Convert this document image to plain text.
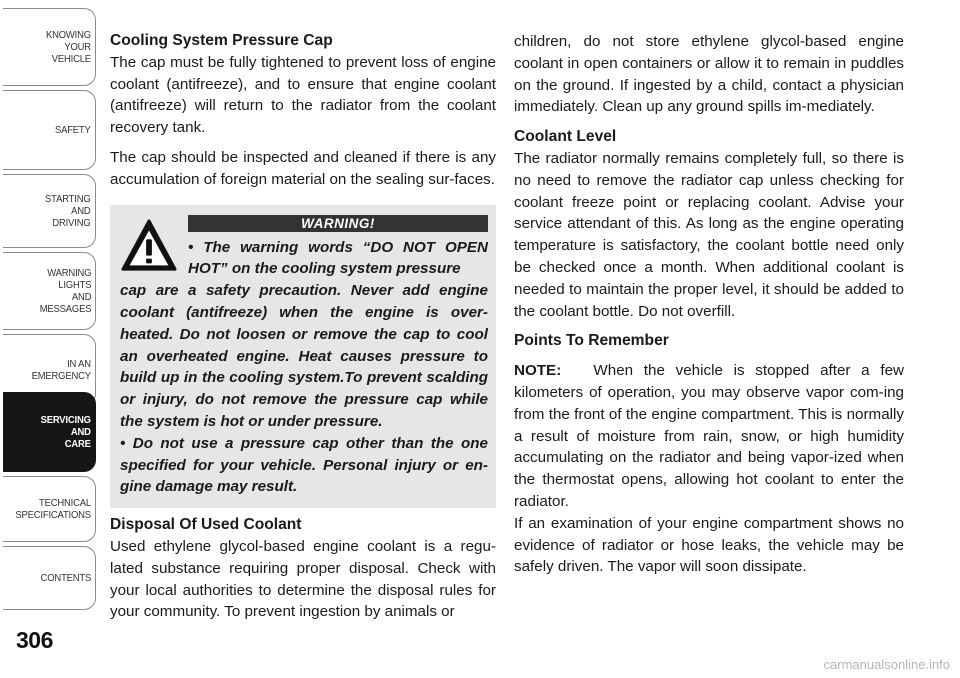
KNOWING
YOUR
VEHICLE
SAFETY
STARTING
AND
DRIVING
WARNING
LIGHTS
AND
MESSAGES
IN AN
EMERGENCY
SERVICING
AND
CARE
TECHNICAL
SPECIFICATIONS
CONTENTS
306
Cooling System Pressure Cap

The cap must be fully tightened to prevent loss of engine coolant (antifreeze), and to ensure that engine coolant (antifreeze) will return to the radiator from the coolant recovery tank.

The cap should be inspected and cleaned if there is any accumulation of foreign material on the sealing sur-faces.

WARNING!
• The warning words “DO NOT OPEN HOT” on the cooling system pressure
cap are a safety precaution. Never add engine coolant (antifreeze) when the engine is over-heated. Do not loosen or remove the cap to cool an overheated engine. Heat causes pressure to build up in the cooling system.To prevent scalding or injury, do not remove the pressure cap while the system is hot or under pressure.
• Do not use a pressure cap other than the one specified for your vehicle. Personal injury or en-gine damage may result.
Disposal Of Used Coolant

Used ethylene glycol-based engine coolant is a regu-lated substance requiring proper disposal. Check with your local authorities to determine the disposal rules for your community. To prevent ingestion by animals or

children, do not store ethylene glycol-based engine coolant in open containers or allow it to remain in puddles on the ground. If ingested by a child, contact a physician immediately. Clean up any ground spills im-mediately.

Coolant Level

The radiator normally remains completely full, so there is no need to remove the radiator cap unless checking for coolant freeze point or replacing coolant. Advise your service attendant of this. As long as the engine operating temperature is satisfactory, the coolant bottle need only be checked once a month. When additional coolant is needed to maintain the proper level, it should be added to the coolant bottle. Do not overfill.

Points To Remember

NOTE: When the vehicle is stopped after a few kilometers of operation, you may observe vapor com-ing from the front of the engine compartment. This is normally a result of moisture from rain, snow, or high humidity accumulating on the radiator and being vapor-ized when the thermostat opens, allowing hot coolant to enter the radiator.

If an examination of your engine compartment shows no evidence of radiator or hose leaks, the vehicle may be safely driven. The vapor will soon dissipate.

carmanualsonline.info
